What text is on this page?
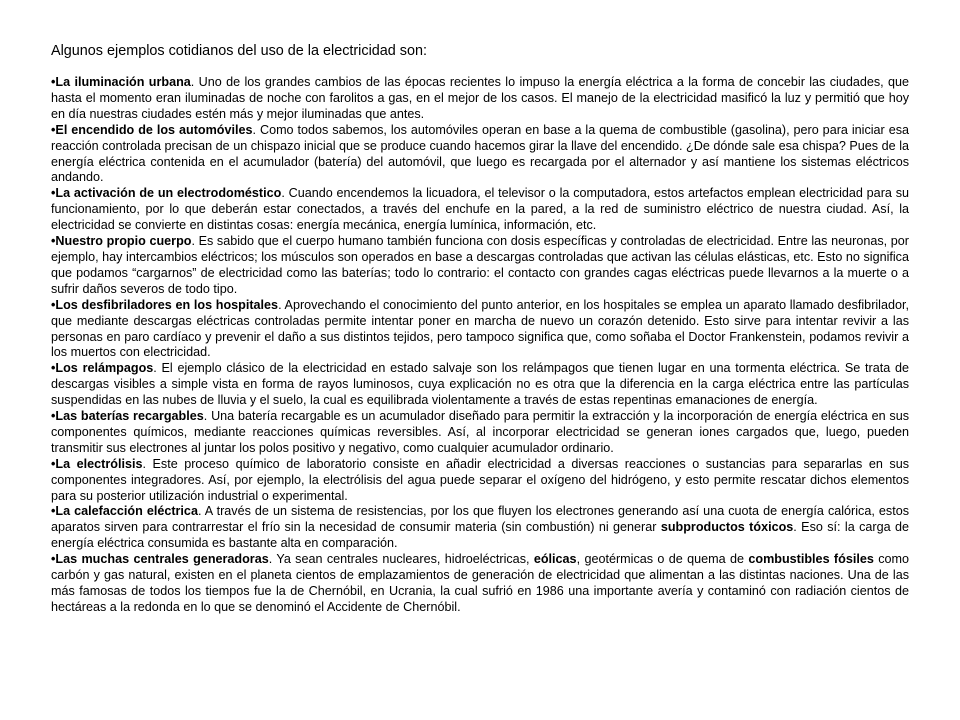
Algunos ejemplos cotidianos del uso de la electricidad son:

•La iluminación urbana. Uno de los grandes cambios de las épocas recientes lo impuso la energía eléctrica a la forma de concebir las ciudades, que hasta el momento eran iluminadas de noche con farolitos a gas, en el mejor de los casos. El manejo de la electricidad masificó la luz y permitió que hoy en día nuestras ciudades estén más y mejor iluminadas que antes.
•El encendido de los automóviles. Como todos sabemos, los automóviles operan en base a la quema de combustible (gasolina), pero para iniciar esa reacción controlada precisan de un chispazo inicial que se produce cuando hacemos girar la llave del encendido. ¿De dónde sale esa chispa? Pues de la energía eléctrica contenida en el acumulador (batería) del automóvil, que luego es recargada por el alternador y así mantiene los sistemas eléctricos andando.
•La activación de un electrodoméstico. Cuando encendemos la licuadora, el televisor o la computadora, estos artefactos emplean electricidad para su funcionamiento, por lo que deberán estar conectados, a través del enchufe en la pared, a la red de suministro eléctrico de nuestra ciudad. Así, la electricidad se convierte en distintas cosas: energía mecánica, energía lumínica, información, etc.
•Nuestro propio cuerpo. Es sabido que el cuerpo humano también funciona con dosis específicas y controladas de electricidad. Entre las neuronas, por ejemplo, hay intercambios eléctricos; los músculos son operados en base a descargas controladas que activan las células elásticas, etc. Esto no significa que podamos “cargarnos” de electricidad como las baterías; todo lo contrario: el contacto con grandes cagas eléctricas puede llevarnos a la muerte o a sufrir daños severos de todo tipo.
•Los desfibriladores en los hospitales. Aprovechando el conocimiento del punto anterior, en los hospitales se emplea un aparato llamado desfibrilador, que mediante descargas eléctricas controladas permite intentar poner en marcha de nuevo un corazón detenido. Esto sirve para intentar revivir a las personas en paro cardíaco y prevenir el daño a sus distintos tejidos, pero tampoco significa que, como soñaba el Doctor Frankenstein, podamos revivir a los muertos con electricidad.
•Los relámpagos. El ejemplo clásico de la electricidad en estado salvaje son los relámpagos que tienen lugar en una tormenta eléctrica. Se trata de descargas visibles a simple vista en forma de rayos luminosos, cuya explicación no es otra que la diferencia en la carga eléctrica entre las partículas suspendidas en las nubes de lluvia y el suelo, la cual es equilibrada violentamente a través de estas repentinas emanaciones de energía.
•Las baterías recargables. Una batería recargable es un acumulador diseñado para permitir la extracción y la incorporación de energía eléctrica en sus componentes químicos, mediante reacciones químicas reversibles. Así, al incorporar electricidad se generan iones cargados que, luego, pueden transmitir sus electrones al juntar los polos positivo y negativo, como cualquier acumulador ordinario.
•La electrólisis. Este proceso químico de laboratorio consiste en añadir electricidad a diversas reacciones o sustancias para separarlas en sus componentes integradores. Así, por ejemplo, la electrólisis del agua puede separar el oxígeno del hidrógeno, y esto permite rescatar dichos elementos para su posterior utilización industrial o experimental.
•La calefacción eléctrica. A través de un sistema de resistencias, por los que fluyen los electrones generando así una cuota de energía calórica, estos aparatos sirven para contrarrestar el frío sin la necesidad de consumir materia (sin combustión) ni generar subproductos tóxicos. Eso sí: la carga de energía eléctrica consumida es bastante alta en comparación.
•Las muchas centrales generadoras. Ya sean centrales nucleares, hidroeléctricas, eólicas, geotérmicas o de quema de combustibles fósiles como carbón y gas natural, existen en el planeta cientos de emplazamientos de generación de electricidad que alimentan a las distintas naciones. Una de las más famosas de todos los tiempos fue la de Chernóbil, en Ucrania, la cual sufrió en 1986 una importante avería y contaminó con radiación cientos de hectáreas a la redonda en lo que se denominó el Accidente de Chernóbil.
